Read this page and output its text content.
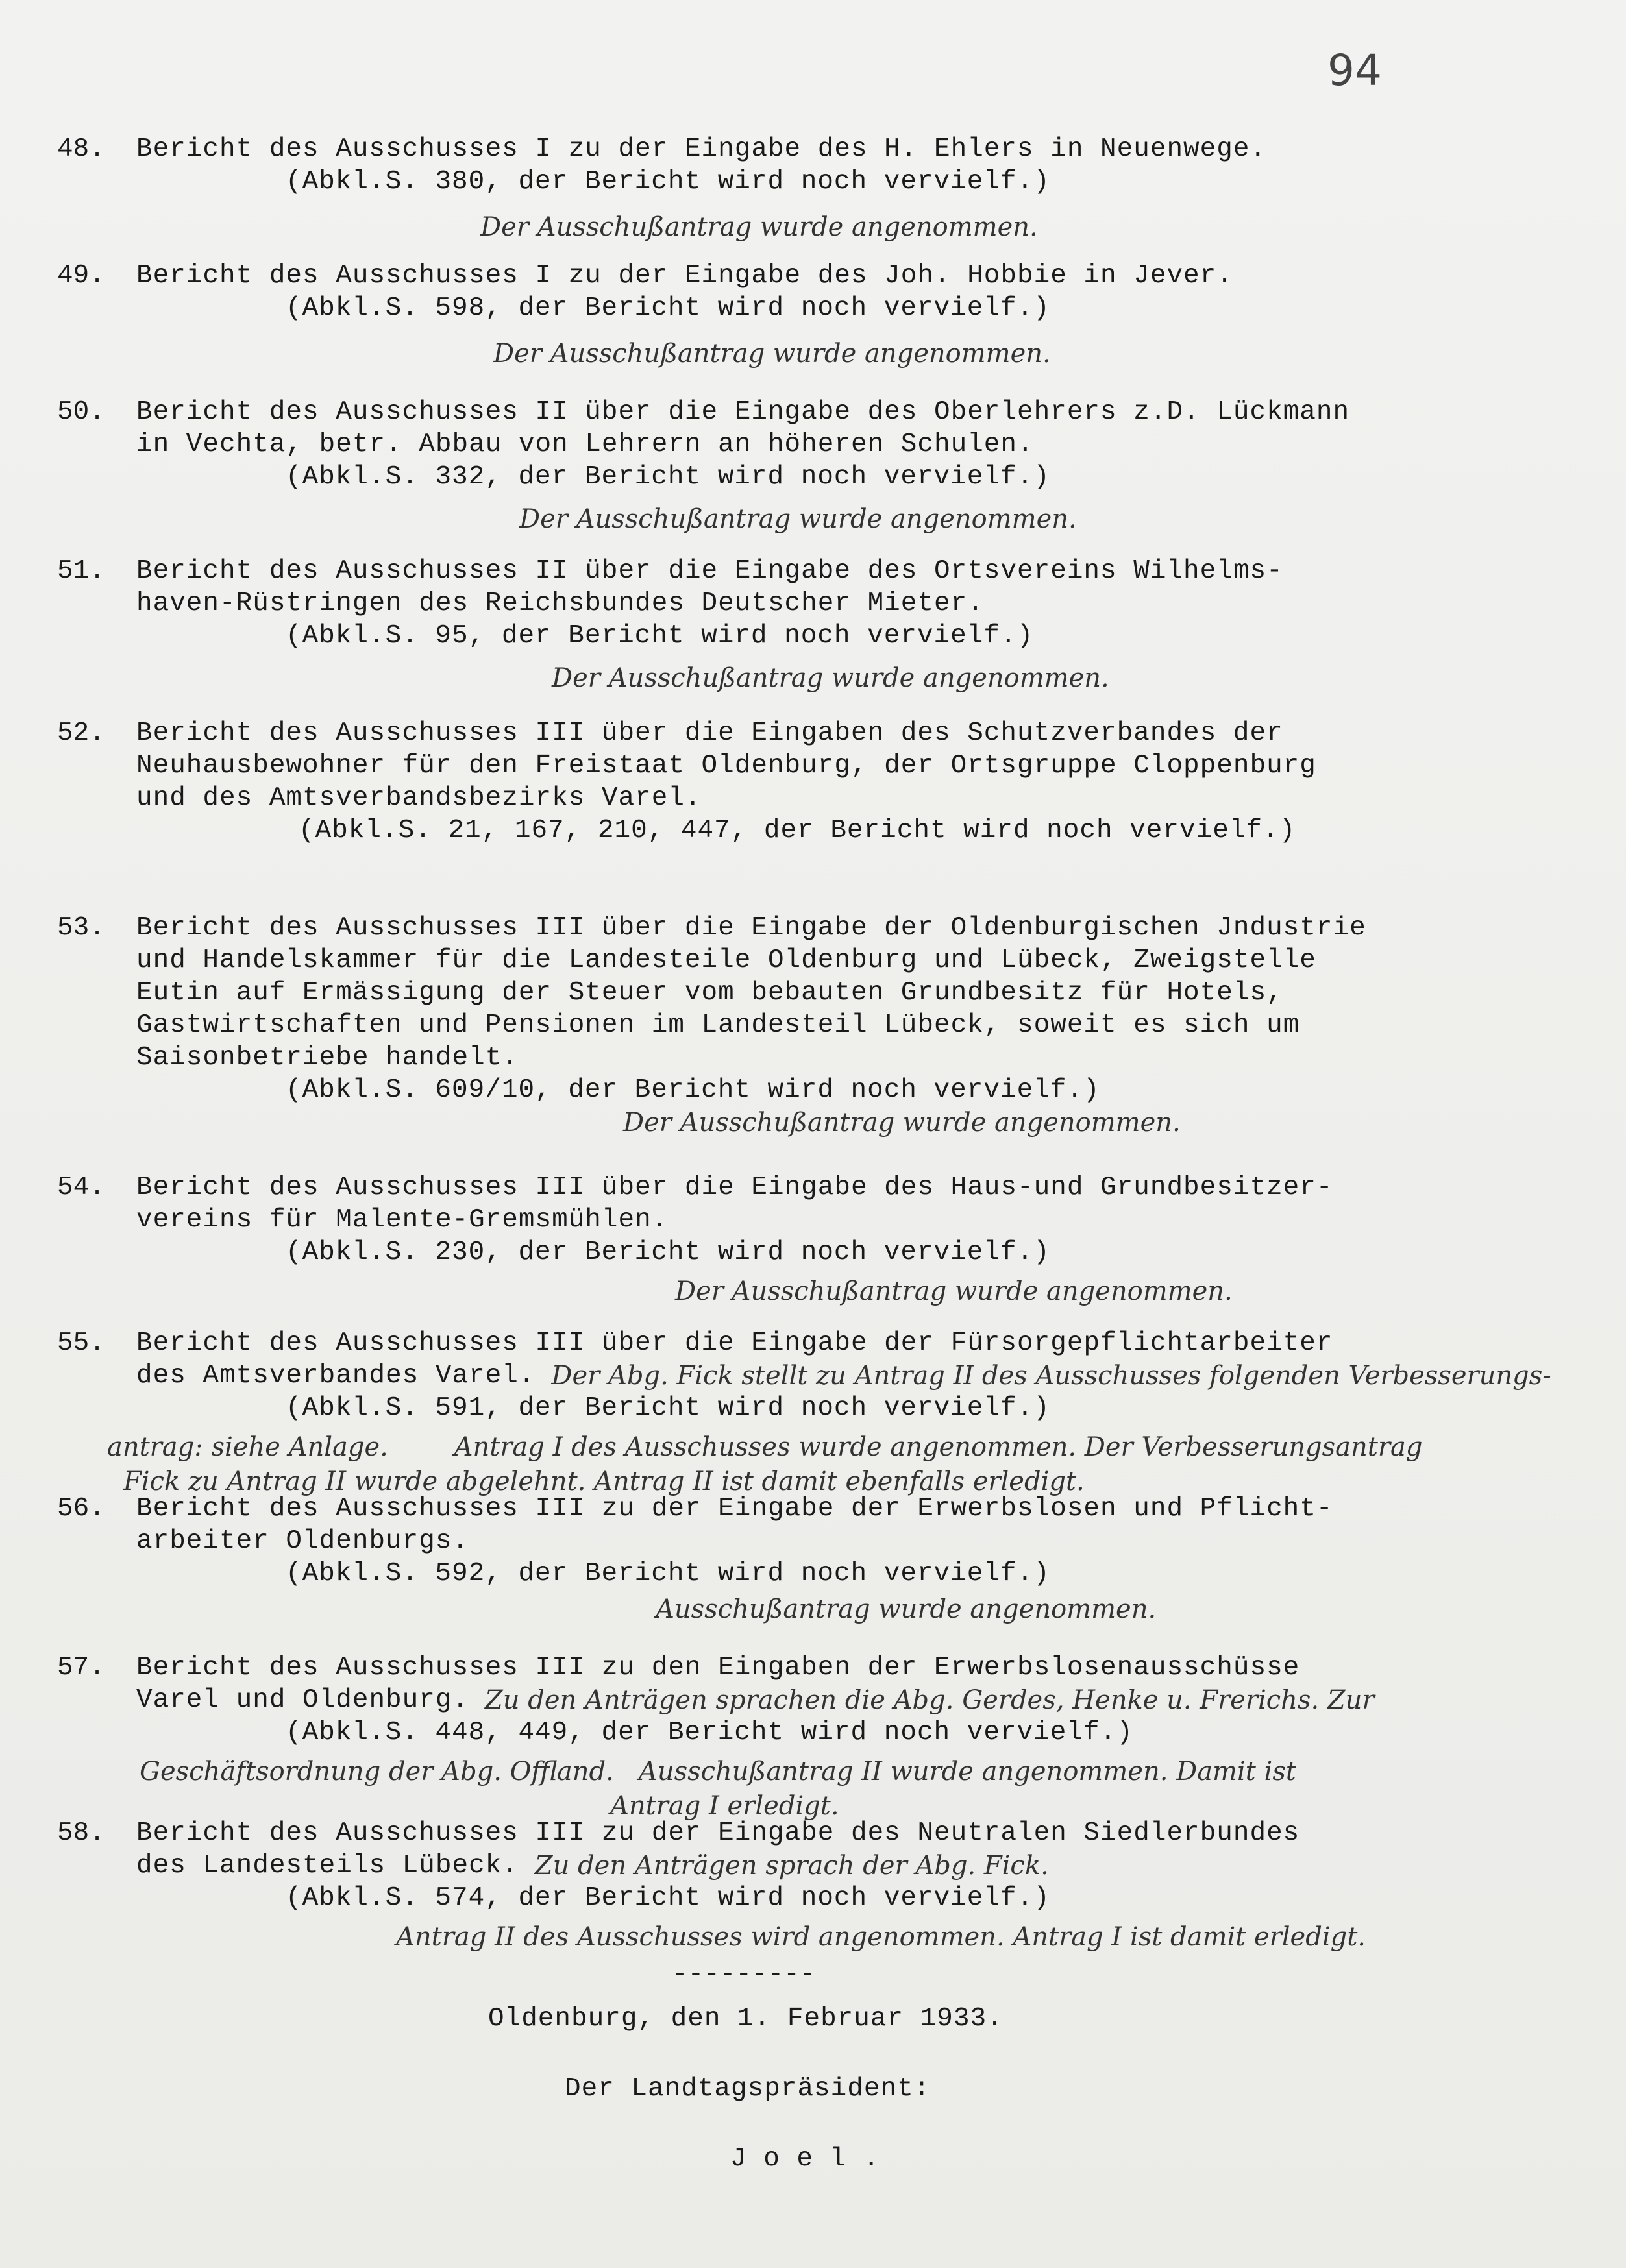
94
48. Bericht des Ausschusses I zu der Eingabe des H. Ehlers in Neuenwege.
(Abkl.S. 380, der Bericht wird noch vervielf.)
Der Ausschußantrag wurde angenommen.
49. Bericht des Ausschusses I zu der Eingabe des Joh. Hobbie in Jever.
(Abkl.S. 598, der Bericht wird noch vervielf.)
Der Ausschußantrag wurde angenommen.
50. Bericht des Ausschusses II über die Eingabe des Oberlehrers z.D. Lückmann
in Vechta, betr. Abbau von Lehrern an höheren Schulen.
(Abkl.S. 332, der Bericht wird noch vervielf.)
Der Ausschußantrag wurde angenommen.
51. Bericht des Ausschusses II über die Eingabe des Ortsvereins Wilhelms-
haven-Rüstringen des Reichsbundes Deutscher Mieter.
(Abkl.S. 95, der Bericht wird noch vervielf.)
Der Ausschußantrag wurde angenommen.
52. Bericht des Ausschusses III über die Eingaben des Schutzverbandes der
Neuhausbewohner für den Freistaat Oldenburg, der Ortsgruppe Cloppenburg
und des Amtsverbandsbezirks Varel.
(Abkl.S. 21, 167, 210, 447, der Bericht wird noch vervielf.)
53. Bericht des Ausschusses III über die Eingabe der Oldenburgischen Jndustrie
und Handelskammer für die Landesteile Oldenburg und Lübeck, Zweigstelle
Eutin auf Ermässigung der Steuer vom bebauten Grundbesitz für Hotels,
Gastwirtschaften und Pensionen im Landesteil Lübeck, soweit es sich um
Saisonbetriebe handelt.
(Abkl.S. 609/10, der Bericht wird noch vervielf.)
Der Ausschußantrag wurde angenommen.
54. Bericht des Ausschusses III über die Eingabe des Haus-und Grundbesitzer-
vereins für Malente-Gremsmühlen.
(Abkl.S. 230, der Bericht wird noch vervielf.)
Der Ausschußantrag wurde angenommen.
55. Bericht des Ausschusses III über die Eingabe der Fürsorgepflichtarbeiter
des Amtsverbandes Varel. Der Abg. Fick stellt zu Antrag II des Ausschusses folgenden Verbesserungs-
(Abkl.S. 591, der Bericht wird noch vervielf.)
antrag: siehe Anlage.        Antrag I des Ausschusses wurde angenommen. Der Verbesserungsantrag
Fick zu Antrag II wurde abgelehnt. Antrag II ist damit ebenfalls erledigt.
56. Bericht des Ausschusses III zu der Eingabe der Erwerbslosen und Pflicht-
arbeiter Oldenburgs.
(Abkl.S. 592, der Bericht wird noch vervielf.)
Ausschußantrag wurde angenommen.
57. Bericht des Ausschusses III zu den Eingaben der Erwerbslosenausschüsse
Varel und Oldenburg. Zu den Anträgen sprachen die Abg. Gerdes, Henke u. Frerichs. Zur
(Abkl.S. 448, 449, der Bericht wird noch vervielf.)
Geschäftsordnung der Abg. Offland.   Ausschußantrag II wurde angenommen. Damit ist
Antrag I erledigt.
58. Bericht des Ausschusses III zu der Eingabe des Neutralen Siedlerbundes
des Landesteils Lübeck. Zu den Anträgen sprach der Abg. Fick.
(Abkl.S. 574, der Bericht wird noch vervielf.)
Antrag II des Ausschusses wird angenommen. Antrag I ist damit erledigt.
---------
Oldenburg, den 1. Februar 1933.
Der Landtagspräsident:
J o e l .
